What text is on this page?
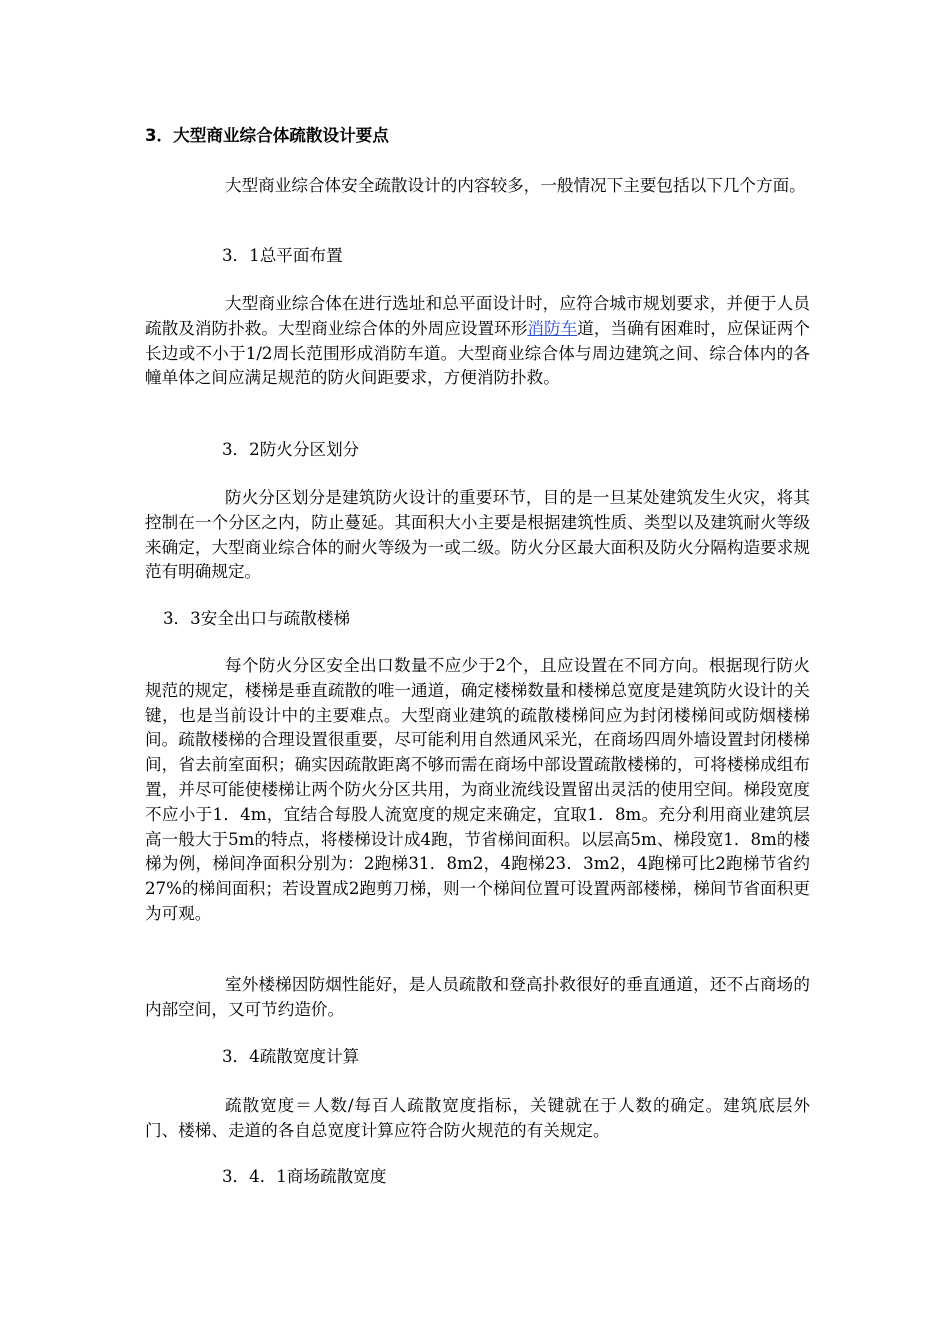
3．大型商业综合体疏散设计要点
大型商业综合体安全疏散设计的内容较多，一般情况下主要包括以下几个方面。
3．1总平面布置
大型商业综合体在进行选址和总平面设计时，应符合城市规划要求，并便于人员疏散及消防扑救。大型商业综合体的外周应设置环形消防车道，当确有困难时，应保证两个长边或不小于1/2周长范围形成消防车道。大型商业综合体与周边建筑之间、综合体内的各幢单体之间应满足规范的防火间距要求，方便消防扑救。
3．2防火分区划分
防火分区划分是建筑防火设计的重要环节，目的是一旦某处建筑发生火灾，将其控制在一个分区之内，防止蔓延。其面积大小主要是根据建筑性质、类型以及建筑耐火等级来确定，大型商业综合体的耐火等级为一或二级。防火分区最大面积及防火分隔构造要求规范有明确规定。
3．3安全出口与疏散楼梯
每个防火分区安全出口数量不应少于2个，且应设置在不同方向。根据现行防火规范的规定，楼梯是垂直疏散的唯一通道，确定楼梯数量和楼梯总宽度是建筑防火设计的关键，也是当前设计中的主要难点。大型商业建筑的疏散楼梯间应为封闭楼梯间或防烟楼梯间。疏散楼梯的合理设置很重要，尽可能利用自然通风采光，在商场四周外墙设置封闭楼梯间，省去前室面积；确实因疏散距离不够而需在商场中部设置疏散楼梯的，可将楼梯成组布置，并尽可能使楼梯让两个防火分区共用，为商业流线设置留出灵活的使用空间。梯段宽度不应小于1．4m，宜结合每股人流宽度的规定来确定，宜取1．8m。充分利用商业建筑层高一般大于5m的特点，将楼梯设计成4跑，节省梯间面积。以层高5m、梯段宽1．8m的楼梯为例，梯间净面积分别为：2跑梯31．8m2，4跑梯23．3m2，4跑梯可比2跑梯节省约27%的梯间面积；若设置成2跑剪刀梯，则一个梯间位置可设置两部楼梯，梯间节省面积更为可观。
室外楼梯因防烟性能好，是人员疏散和登高扑救很好的垂直通道，还不占商场的内部空间，又可节约造价。
3．4疏散宽度计算
疏散宽度＝人数/每百人疏散宽度指标，关键就在于人数的确定。建筑底层外门、楼梯、走道的各自总宽度计算应符合防火规范的有关规定。
3．4．1商场疏散宽度
